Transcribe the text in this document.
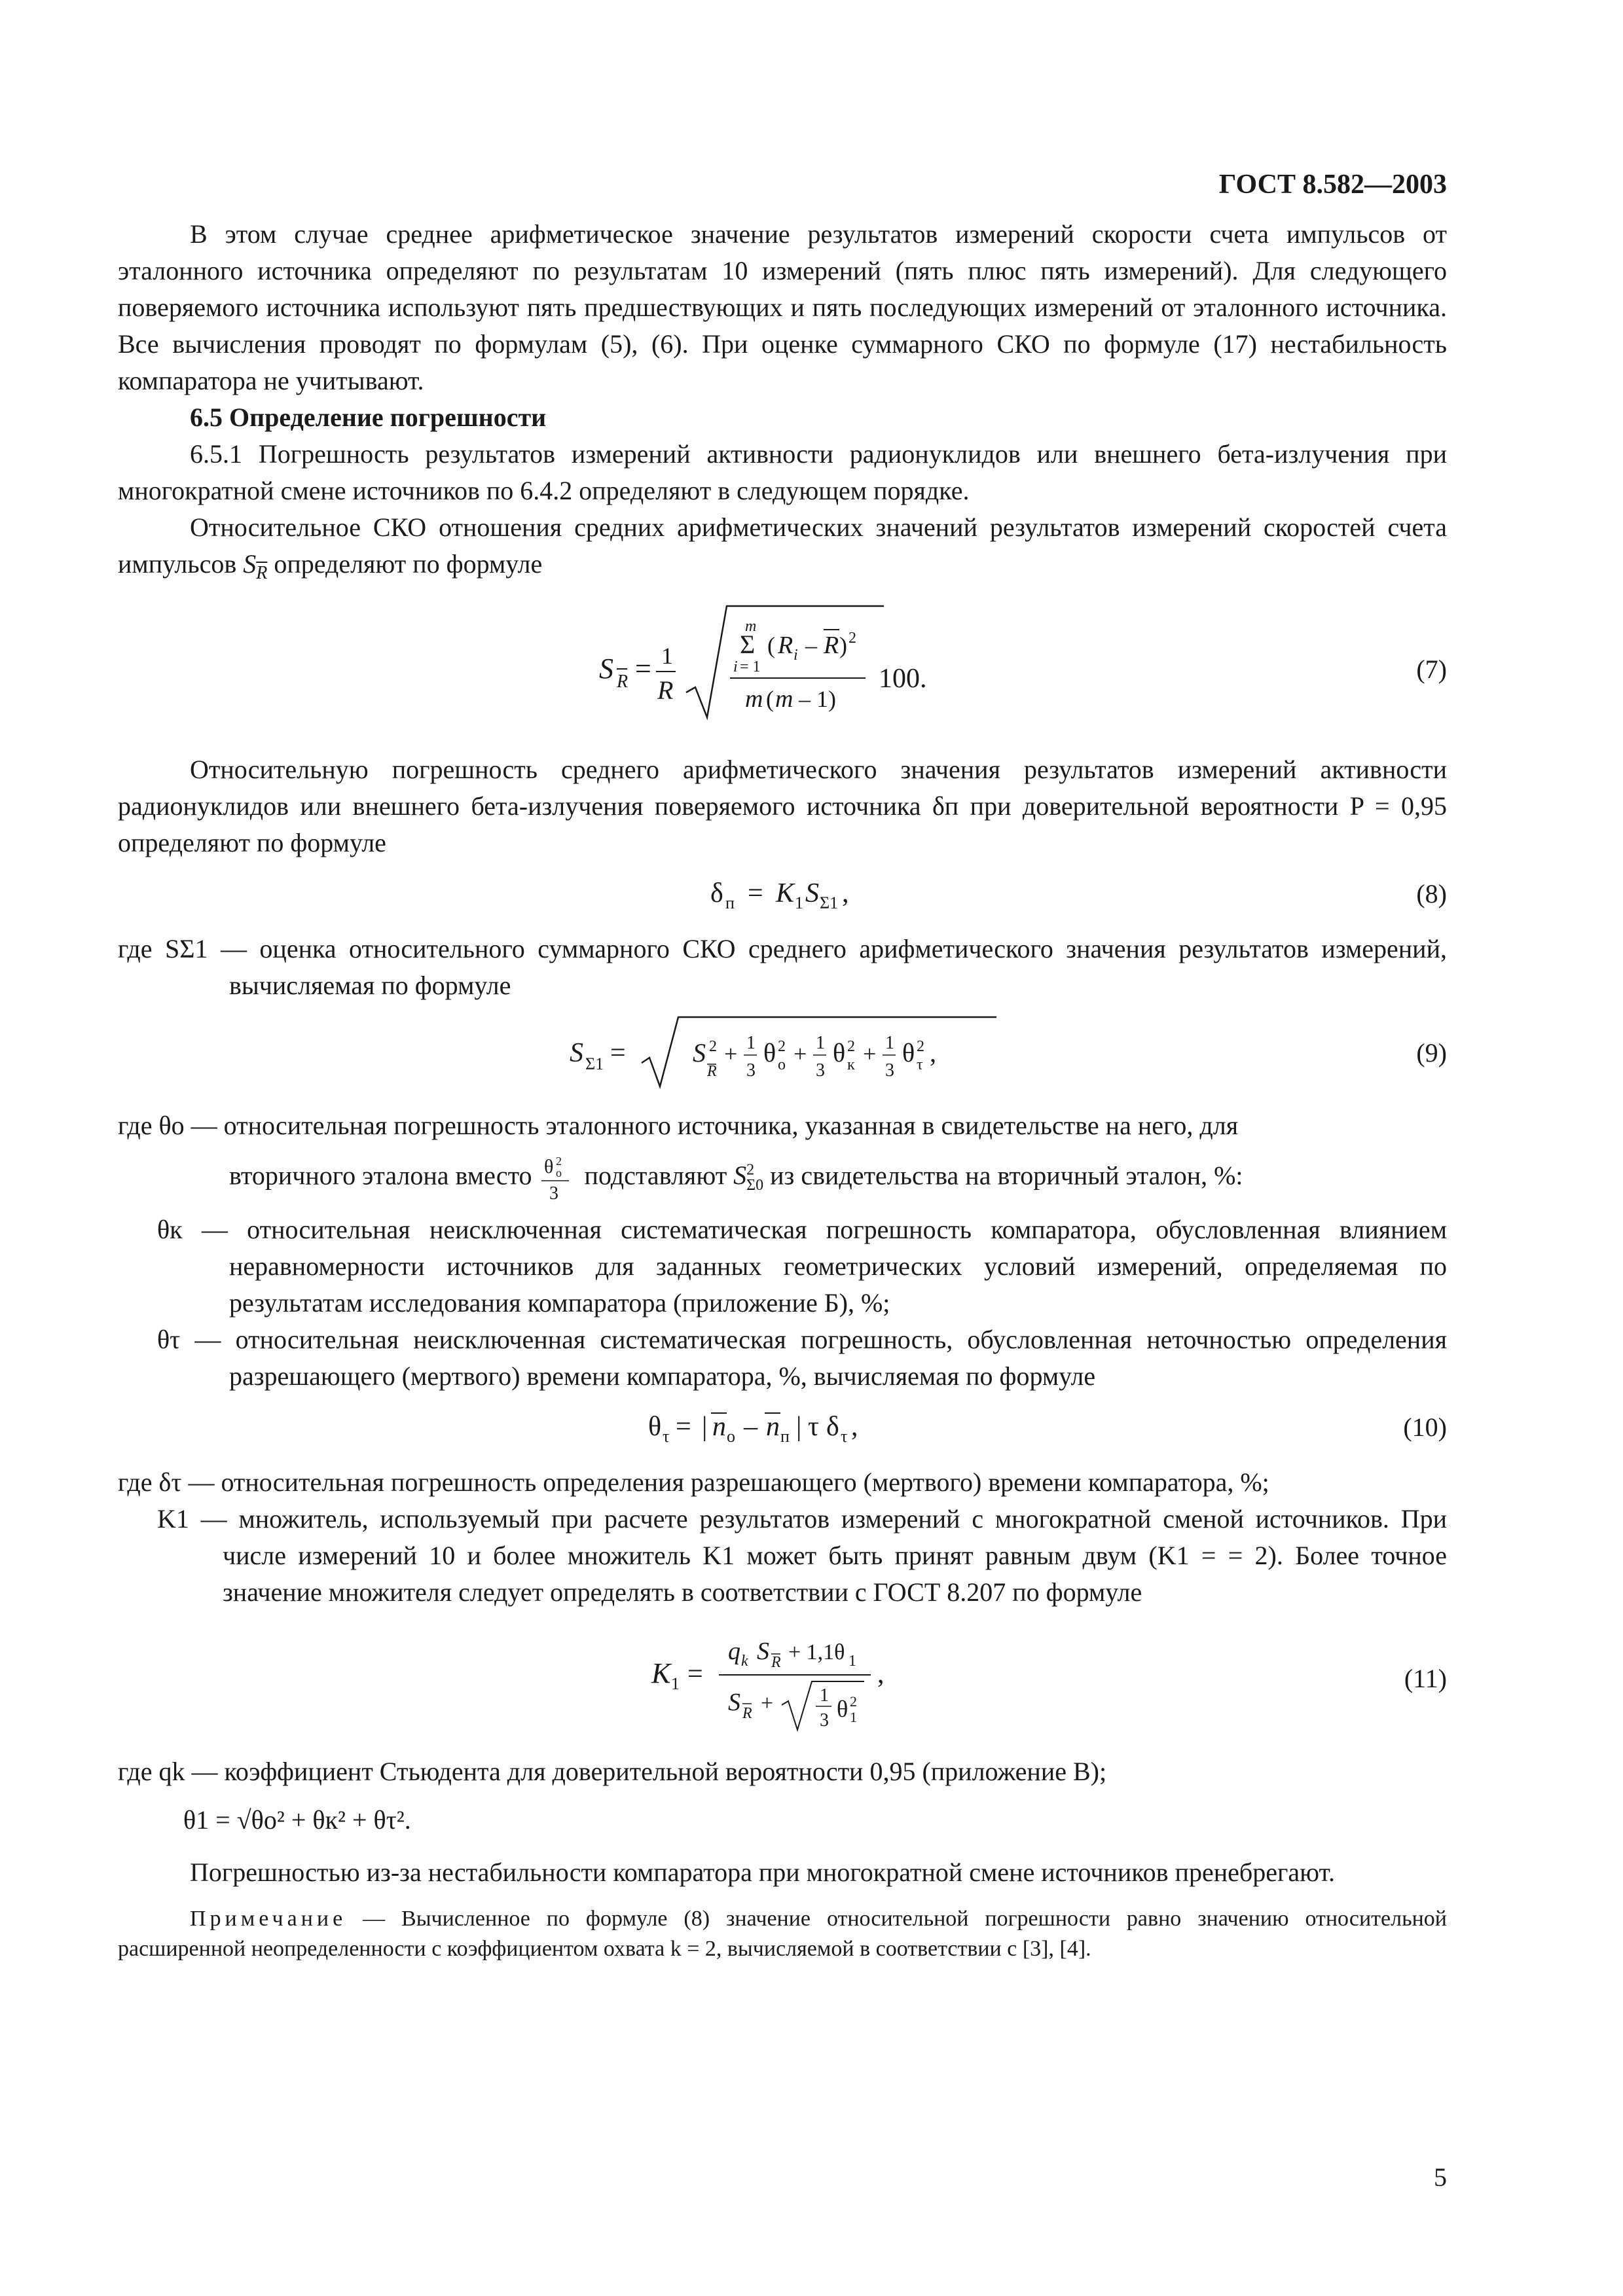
ГОСТ 8.582—2003

В этом случае среднее арифметическое значение результатов измерений скорости счета импульсов от эталонного источника определяют по результатам 10 измерений (пять плюс пять измерений). Для следующего поверяемого источника используют пять предшествующих и пять последующих измерений от эталонного источника. Все вычисления проводят по формулам (5), (6). При оценке суммарного СКО по формуле (17) нестабильность компаратора не учитывают.

6.5 Определение погрешности

6.5.1 Погрешность результатов измерений активности радионуклидов или внешнего бета-излучения при многократной смене источников по 6.4.2 определяют в следующем порядке.

Относительное СКО отношения средних арифметических значений результатов измерений скоростей счета импульсов $S_{\overline{R}}$ определяют по формуле

S R = 1
R
m
Σ ( R i – R ) 2
i = 1
m ( m – 1)
100.	(7)

Относительную погрешность среднего арифметического значения результатов измерений активности радионуклидов или внешнего бета-излучения поверяемого источника δп при доверительной вероятности P = 0,95 определяют по формуле

δ п = K 1 S Σ1 ,	(8)

где SΣ1 — оценка относительного суммарного СКО среднего арифметического значения результатов измерений, вычисляемая по формуле

S Σ1 =	S 2
R
+ 1
3
θ 2
о + 1
3
θ 2
к + 1
3
θ 2
τ ,	(9)

где θо — относительная погрешность эталонного источника, указанная в свидетельстве на него, для

вторичного эталона вместо θ 2
о
3
подставляют $S^2_{\Sigma 0}$ из свидетельства на вторичный эталон, %:

θк — относительная неисключенная систематическая погрешность компаратора, обусловленная влиянием неравномерности источников для заданных геометрических условий измерений, определяемая по результатам исследования компаратора (приложение Б), %;

θτ — относительная неисключенная систематическая погрешность, обусловленная неточностью определения разрешающего (мертвого) времени компаратора, %, вычисляемая по формуле

θ τ = | n о – n п | τ δ τ ,	(10)

где δτ — относительная погрешность определения разрешающего (мертвого) времени компаратора, %;

K1 — множитель, используемый при расчете результатов измерений с многократной сменой источников. При числе измерений 10 и более множитель K1 может быть принят равным двум (K1 = = 2). Более точное значение множителя следует определять в соответствии с ГОСТ 8.207 по формуле

K 1 =
q k S R + 1,1θ 1
S R +	1
3 θ 2
1
,	(11)

где qk — коэффициент Стьюдента для доверительной вероятности 0,95 (приложение В);

θ1 = √θо² + θк² + θτ².

Погрешностью из-за нестабильности компаратора при многократной смене источников пренебрегают.

Примечание — Вычисленное по формуле (8) значение относительной погрешности равно значению относительной расширенной неопределенности с коэффициентом охвата k = 2, вычисляемой в соответствии с [3], [4].
5
